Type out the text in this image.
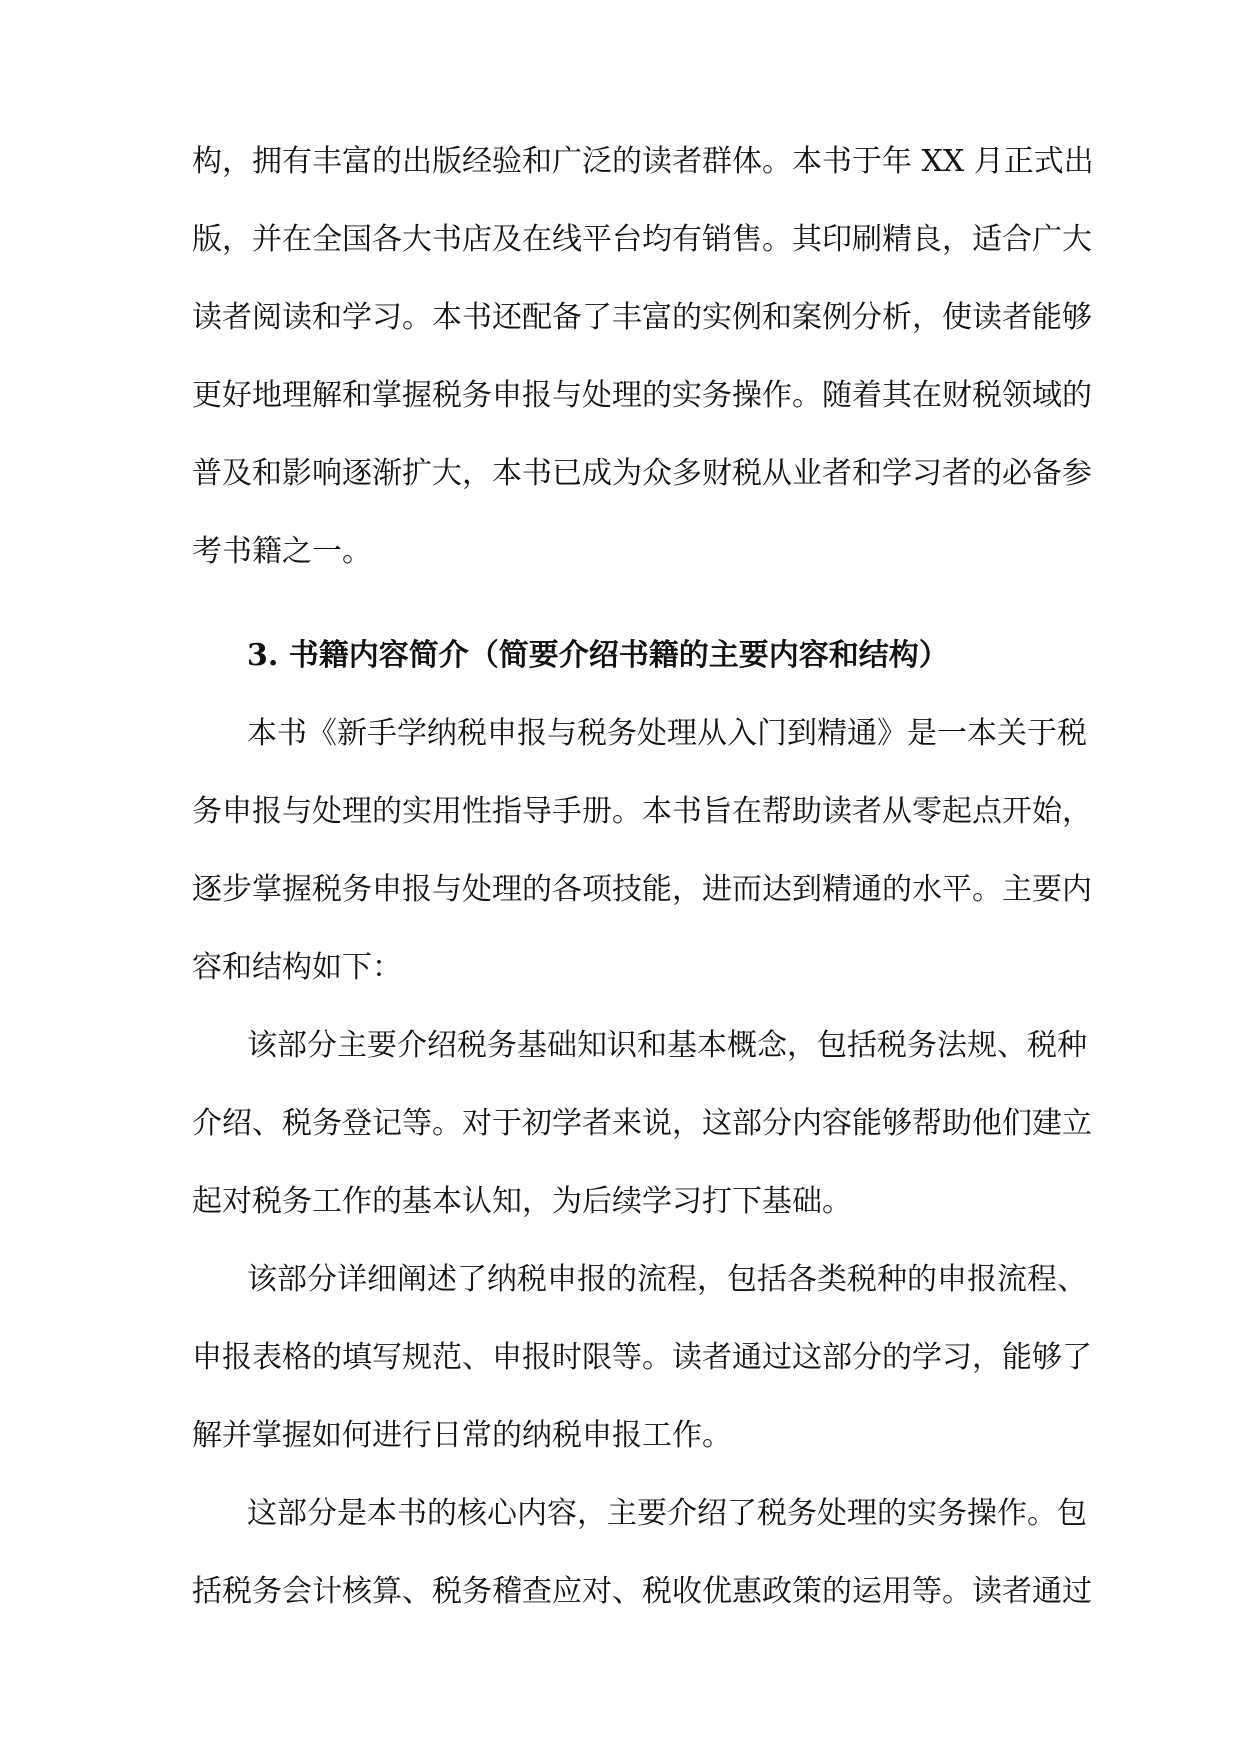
构，拥有丰富的出版经验和广泛的读者群体。本书于年 XX 月正式出
版，并在全国各大书店及在线平台均有销售。其印刷精良，适合广大
读者阅读和学习。本书还配备了丰富的实例和案例分析，使读者能够
更好地理解和掌握税务申报与处理的实务操作。随着其在财税领域的
普及和影响逐渐扩大，本书已成为众多财税从业者和学习者的必备参
考书籍之一。
3. 书籍内容简介（简要介绍书籍的主要内容和结构）
本书《新手学纳税申报与税务处理从入门到精通》是一本关于税
务申报与处理的实用性指导手册。本书旨在帮助读者从零起点开始，
逐步掌握税务申报与处理的各项技能，进而达到精通的水平。主要内
容和结构如下：
该部分主要介绍税务基础知识和基本概念，包括税务法规、税种
介绍、税务登记等。对于初学者来说，这部分内容能够帮助他们建立
起对税务工作的基本认知，为后续学习打下基础。
该部分详细阐述了纳税申报的流程，包括各类税种的申报流程、
申报表格的填写规范、申报时限等。读者通过这部分的学习，能够了
解并掌握如何进行日常的纳税申报工作。
这部分是本书的核心内容，主要介绍了税务处理的实务操作。包
括税务会计核算、税务稽查应对、税收优惠政策的运用等。读者通过
